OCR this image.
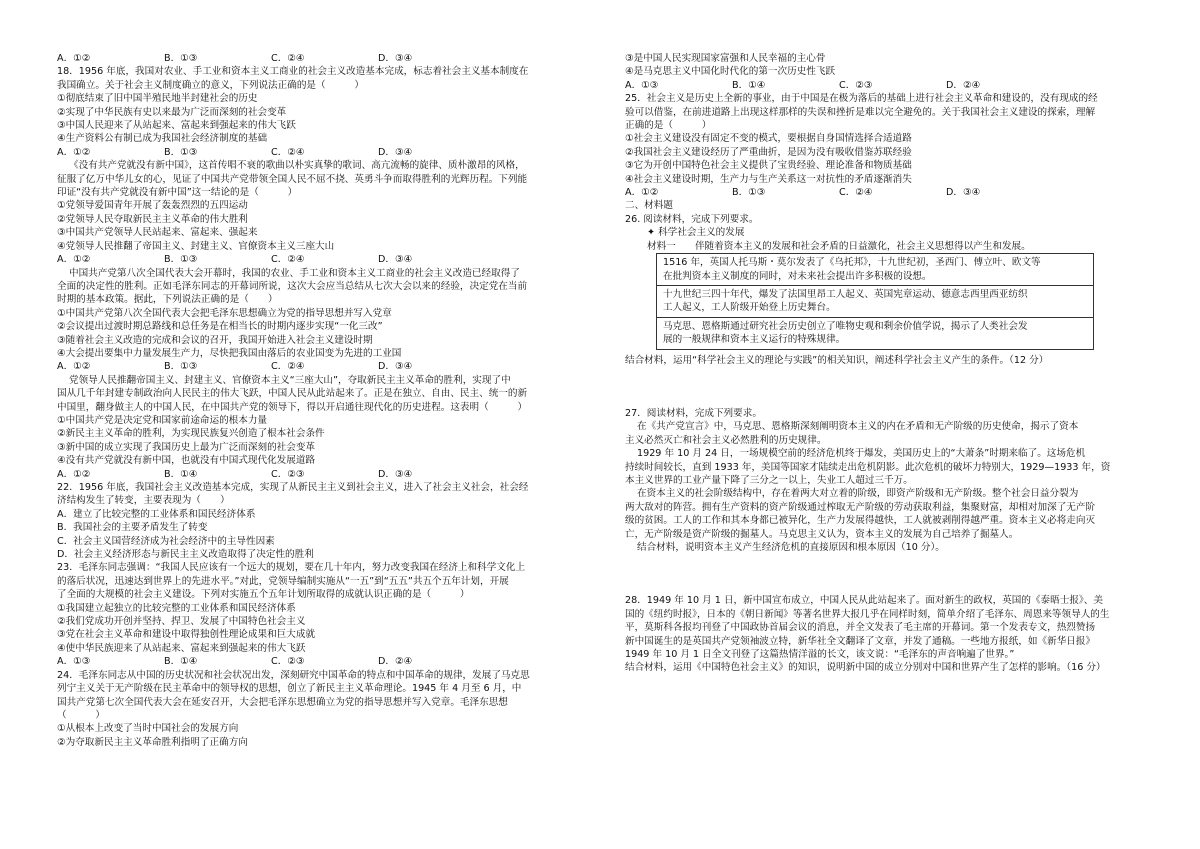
A．①②	B．①③	C．②④	D．③④
18．1956 年底，我国对农业、手工业和资本主义工商业的社会主义改造基本完成，标志着社会主义基本制度在
我国确立。关于社会主义制度确立的意义，下列说法正确的是（　　　）
①彻底结束了旧中国半殖民地半封建社会的历史
②实现了中华民族有史以来最为广泛而深刻的社会变革
③中国人民迎来了从站起来、富起来到强起来的伟大飞跃
④生产资料公有制已成为我国社会经济制度的基础
A．①②	B．①③	C．②④	D．③④
《没有共产党就没有新中国》，这首传唱不衰的歌曲以朴实真挚的歌词、高亢流畅的旋律、质朴激昂的风格，
征服了亿万中华儿女的心，见证了中国共产党带领全国人民不屈不挠、英勇斗争而取得胜利的光辉历程。下列能
印证“没有共产党就没有新中国”这一结论的是（　　　）
①党领导爱国青年开展了轰轰烈烈的五四运动
②党领导人民夺取新民主主义革命的伟大胜利
③中国共产党领导人民站起来、富起来、强起来
④党领导人民推翻了帝国主义、封建主义、官僚资本主义三座大山
A．①②	B．①③	C．②④	D．③④
中国共产党第八次全国代表大会开幕时，我国的农业、手工业和资本主义工商业的社会主义改造已经取得了
全面的决定性的胜利。正如毛泽东同志的开幕词所说，这次大会应当总结从七次大会以来的经验，决定党在当前
时期的基本政策。据此，下列说法正确的是（　　）
①中国共产党第八次全国代表大会把毛泽东思想确立为党的指导思想并写入党章
②会议提出过渡时期总路线和总任务是在相当长的时期内逐步实现“一化三改”
③随着社会主义改造的完成和会议的召开，我国开始进入社会主义建设时期
④大会提出要集中力量发展生产力，尽快把我国由落后的农业国变为先进的工业国
A．①②	B．①③	C．②④	D．③④
党领导人民推翻帝国主义、封建主义、官僚资本主义“三座大山”，夺取新民主主义革命的胜利，实现了中
国从几千年封建专制政治向人民民主的伟大飞跃，中国人民从此站起来了。正是在独立、自由、民主、统一的新
中国里，翻身做主人的中国人民，在中国共产党的领导下，得以开启通往现代化的历史进程。这表明（　　　）
①中国共产党是决定党和国家前途命运的根本力量
②新民主主义革命的胜利，为实现民族复兴创造了根本社会条件
③新中国的成立实现了我国历史上最为广泛而深刻的社会变革
④没有共产党就没有新中国，也就没有中国式现代化发展道路
A．①②	B．①④	C．②③	D．③④
22．1956 年底，我国社会主义改造基本完成，实现了从新民主主义到社会主义，进入了社会主义社会，社会经
济结构发生了转变，主要表现为（　　）
A．建立了比较完整的工业体系和国民经济体系
B．我国社会的主要矛盾发生了转变
C．社会主义国营经济成为社会经济中的主导性因素
D．社会主义经济形态与新民主主义改造取得了决定性的胜利
23．毛泽东同志强调：“我国人民应该有一个远大的规划，要在几十年内，努力改变我国在经济上和科学文化上
的落后状况，迅速达到世界上的先进水平。”对此，党领导编制实施从“一五”到“五五”共五个五年计划，开展
了全面的大规模的社会主义建设。下列对实施五个五年计划所取得的成就认识正确的是（　　　）
①我国建立起独立的比较完整的工业体系和国民经济体系
②我们党成功开创并坚持、捍卫、发展了中国特色社会主义
③党在社会主义革命和建设中取得独创性理论成果和巨大成就
④使中华民族迎来了从站起来、富起来到强起来的伟大飞跃
A．①③	B．①④	C．②③	D．②④
24．毛泽东同志从中国的历史状况和社会状况出发，深刻研究中国革命的特点和中国革命的规律，发展了马克思
列宁主义关于无产阶级在民主革命中的领导权的思想，创立了新民主主义革命理论。1945 年 4 月至 6 月，中
国共产党第七次全国代表大会在延安召开，大会把毛泽东思想确立为党的指导思想并写入党章。毛泽东思想
（　　　）
①从根本上改变了当时中国社会的发展方向
②为夺取新民主主义革命胜利指明了正确方向
③是中国人民实现国家富强和人民幸福的主心骨
④是马克思主义中国化时代化的第一次历史性飞跃
A．①③	B．①④	C．②③	D．②④
25．社会主义是历史上全新的事业，由于中国是在极为落后的基础上进行社会主义革命和建设的，没有现成的经
验可以借鉴，在前进道路上出现这样那样的失误和挫折是难以完全避免的。关于我国社会主义建设的探索，理解
正确的是（　　　）
①社会主义建设没有固定不变的模式，要根据自身国情选择合适道路
②我国社会主义建设经历了严重曲折，是因为没有吸收借鉴苏联经验
③它为开创中国特色社会主义提供了宝贵经验、理论准备和物质基础
④社会主义建设时期，生产力与生产关系这一对抗性的矛盾逐渐消失
A．①②	B．①③	C．②④	D．③④
二、材料题
26. 阅读材料，完成下列要求。
✦ 科学社会主义的发展
材料一　　伴随着资本主义的发展和社会矛盾的日益激化，社会主义思想得以产生和发展。
1516 年，英国人托马斯・莫尔发表了《乌托邦》，十九世纪初，圣西门、傅立叶、欧文等
在批判资本主义制度的同时，对未来社会提出许多积极的设想。

十九世纪三四十年代，爆发了法国里昂工人起义、英国宪章运动、德意志西里西亚纺织
工人起义，工人阶级开始登上历史舞台。

马克思、恩格斯通过研究社会历史创立了唯物史观和剩余价值学说，揭示了人类社会发
展的一般规律和资本主义运行的特殊规律。
结合材料，运用“科学社会主义的理论与实践”的相关知识，阐述科学社会主义产生的条件。（12 分）
27．阅读材料，完成下列要求。
在《共产党宣言》中，马克思、恩格斯深刻阐明资本主义的内在矛盾和无产阶级的历史使命，揭示了资本
主义必然灭亡和社会主义必然胜利的历史规律。
1929 年 10 月 24 日，一场规模空前的经济危机终于爆发，美国历史上的“大萧条”时期来临了。这场危机
持续时间较长，直到 1933 年，美国等国家才陆续走出危机阴影。此次危机的破坏力特别大，1929—1933 年，资
本主义世界的工业产量下降了三分之一以上，失业工人超过三千万。
在资本主义的社会阶级结构中，存在着两大对立着的阶级，即资产阶级和无产阶级。整个社会日益分裂为
两大敌对的阵营。拥有生产资料的资产阶级通过榨取无产阶级的劳动获取利益，集聚财富，却相对加深了无产阶
级的贫困。工人的工作和其本身都已被异化，生产力发展得越快，工人就被剥削得越严重。资本主义必将走向灭
亡，无产阶级是资产阶级的掘墓人。马克思主义认为，资本主义的发展为自己培养了掘墓人。
结合材料，说明资本主义产生经济危机的直接原因和根本原因（10 分）。
28．1949 年 10 月 1 日，新中国宣布成立，中国人民从此站起来了。面对新生的政权，英国的《泰晤士报》、美
国的《纽约时报》，日本的《朝日新闻》等著名世界大报几乎在同样时刻，简单介绍了毛泽东、周恩来等领导人的生
平，莫斯科各报均刊登了中国政协首届会议的消息，并全文发表了毛主席的开幕词。第一个发表专文，热烈赞扬
新中国诞生的是英国共产党领袖波立特，新华社全文翻译了文章，并发了通稿。一些地方报纸，如《新华日报》
1949 年 10 月 1 日全文刊登了这篇热情洋溢的长文，该文说：“毛泽东的声音响遍了世界。”
结合材料，运用《中国特色社会主义》的知识，说明新中国的成立分别对中国和世界产生了怎样的影响。（16 分）
